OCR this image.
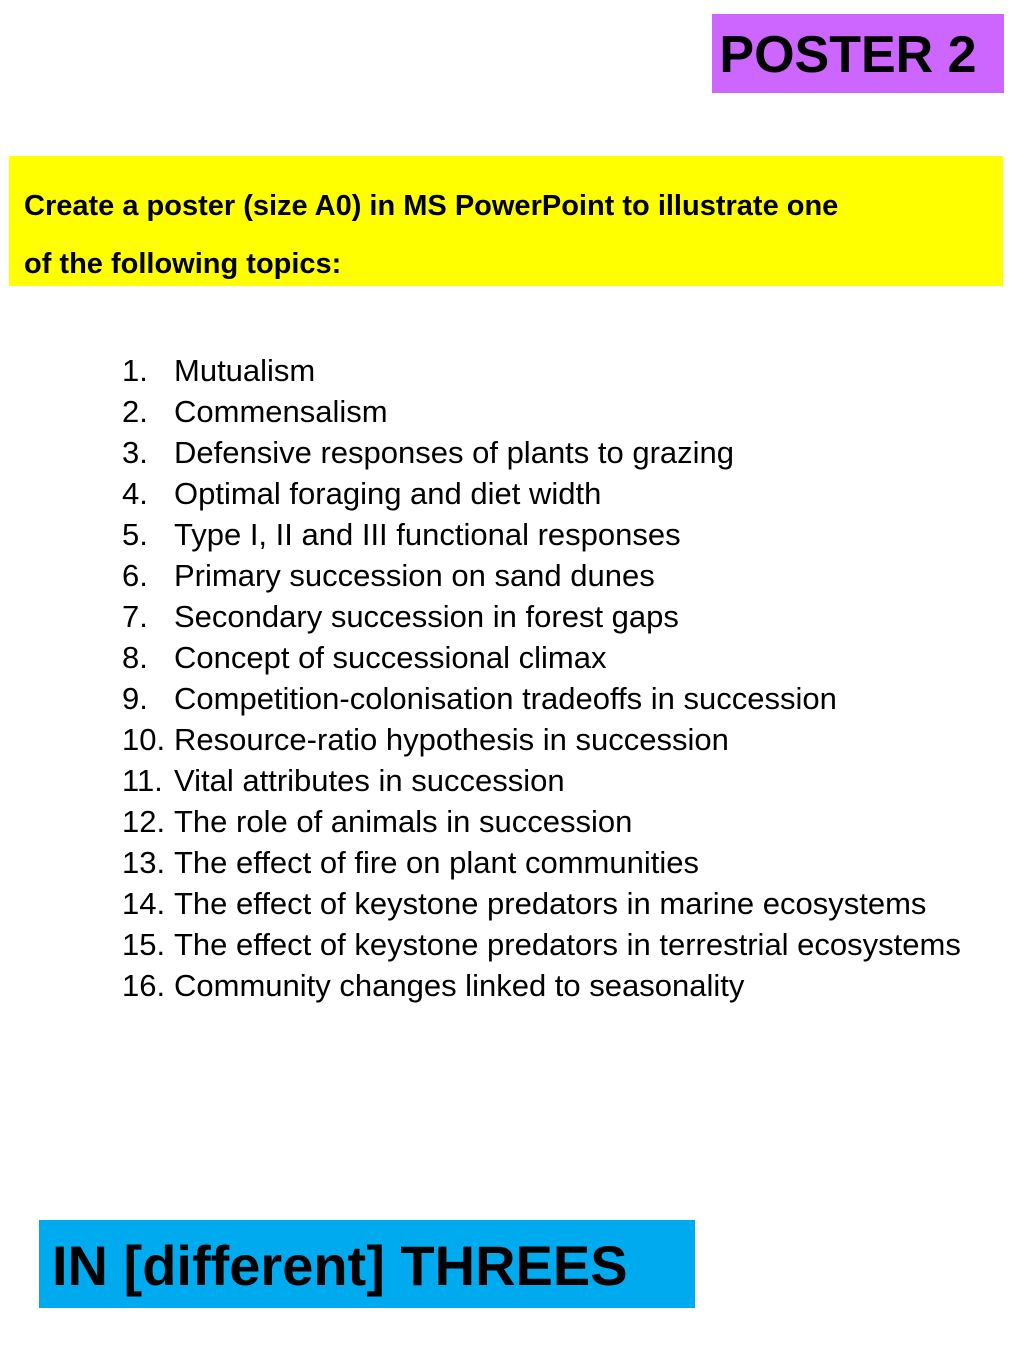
POSTER 2
Create a poster (size A0) in MS PowerPoint to illustrate one
of the following topics:
1. Mutualism
2. Commensalism
3. Defensive responses of plants to grazing
4. Optimal foraging and diet width
5. Type I, II and III functional responses
6. Primary succession on sand dunes
7. Secondary succession in forest gaps
8. Concept of successional climax
9. Competition-colonisation tradeoffs in succession
10. Resource-ratio hypothesis in succession
11. Vital attributes in succession
12. The role of animals in succession
13. The effect of fire on plant communities
14. The effect of keystone predators in marine ecosystems
15. The effect of keystone predators in terrestrial ecosystems
16. Community changes linked to seasonality
IN [different] THREES
